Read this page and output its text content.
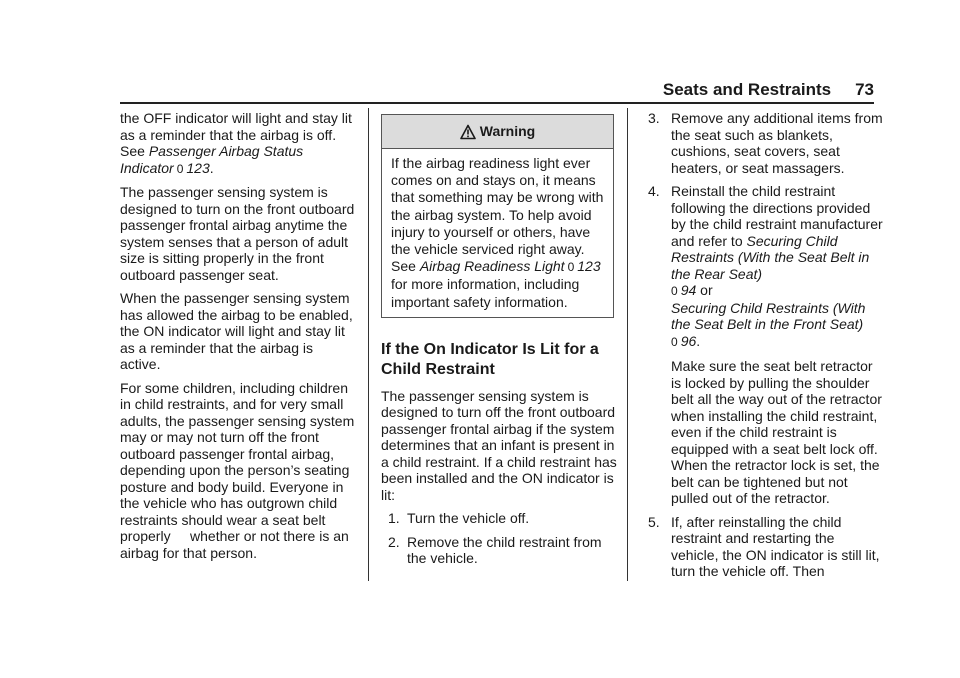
Seats and Restraints 73

the OFF indicator will light and stay lit as a reminder that the airbag is off. See Passenger Airbag Status Indicator 0 123.

The passenger sensing system is designed to turn on the front outboard passenger frontal airbag anytime the system senses that a person of adult size is sitting properly in the front outboard passenger seat.

When the passenger sensing system has allowed the airbag to be enabled, the ON indicator will light and stay lit as a reminder that the airbag is active.

For some children, including children in child restraints, and for very small adults, the passenger sensing system may or may not turn off the front outboard passenger frontal airbag, depending upon the person’s seating posture and body build. Everyone in the vehicle who has outgrown child restraints should wear a seat belt properly     whether or not there is an airbag for that person.

Warning
If the airbag readiness light ever comes on and stays on, it means that something may be wrong with the airbag system. To help avoid injury to yourself or others, have the vehicle serviced right away. See Airbag Readiness Light 0 123 for more information, including important safety information.
If the On Indicator Is Lit for a Child Restraint

The passenger sensing system is designed to turn off the front outboard passenger frontal airbag if the system determines that an infant is present in a child restraint. If a child restraint has been installed and the ON indicator is lit:

1. Turn the vehicle off.
2. Remove the child restraint from the vehicle.
3. Remove any additional items from the seat such as blankets, cushions, seat covers, seat heaters, or seat massagers.
4. Reinstall the child restraint following the directions provided by the child restraint manufacturer and refer to Securing Child Restraints (With the Seat Belt in the Rear Seat)
0 94 or
Securing Child Restraints (With the Seat Belt in the Front Seat)
0 96.
Make sure the seat belt retractor is locked by pulling the shoulder belt all the way out of the retractor when installing the child restraint, even if the child restraint is equipped with a seat belt lock off. When the retractor lock is set, the belt can be tightened but not pulled out of the retractor.
5. If, after reinstalling the child restraint and restarting the vehicle, the ON indicator is still lit, turn the vehicle off. Then
